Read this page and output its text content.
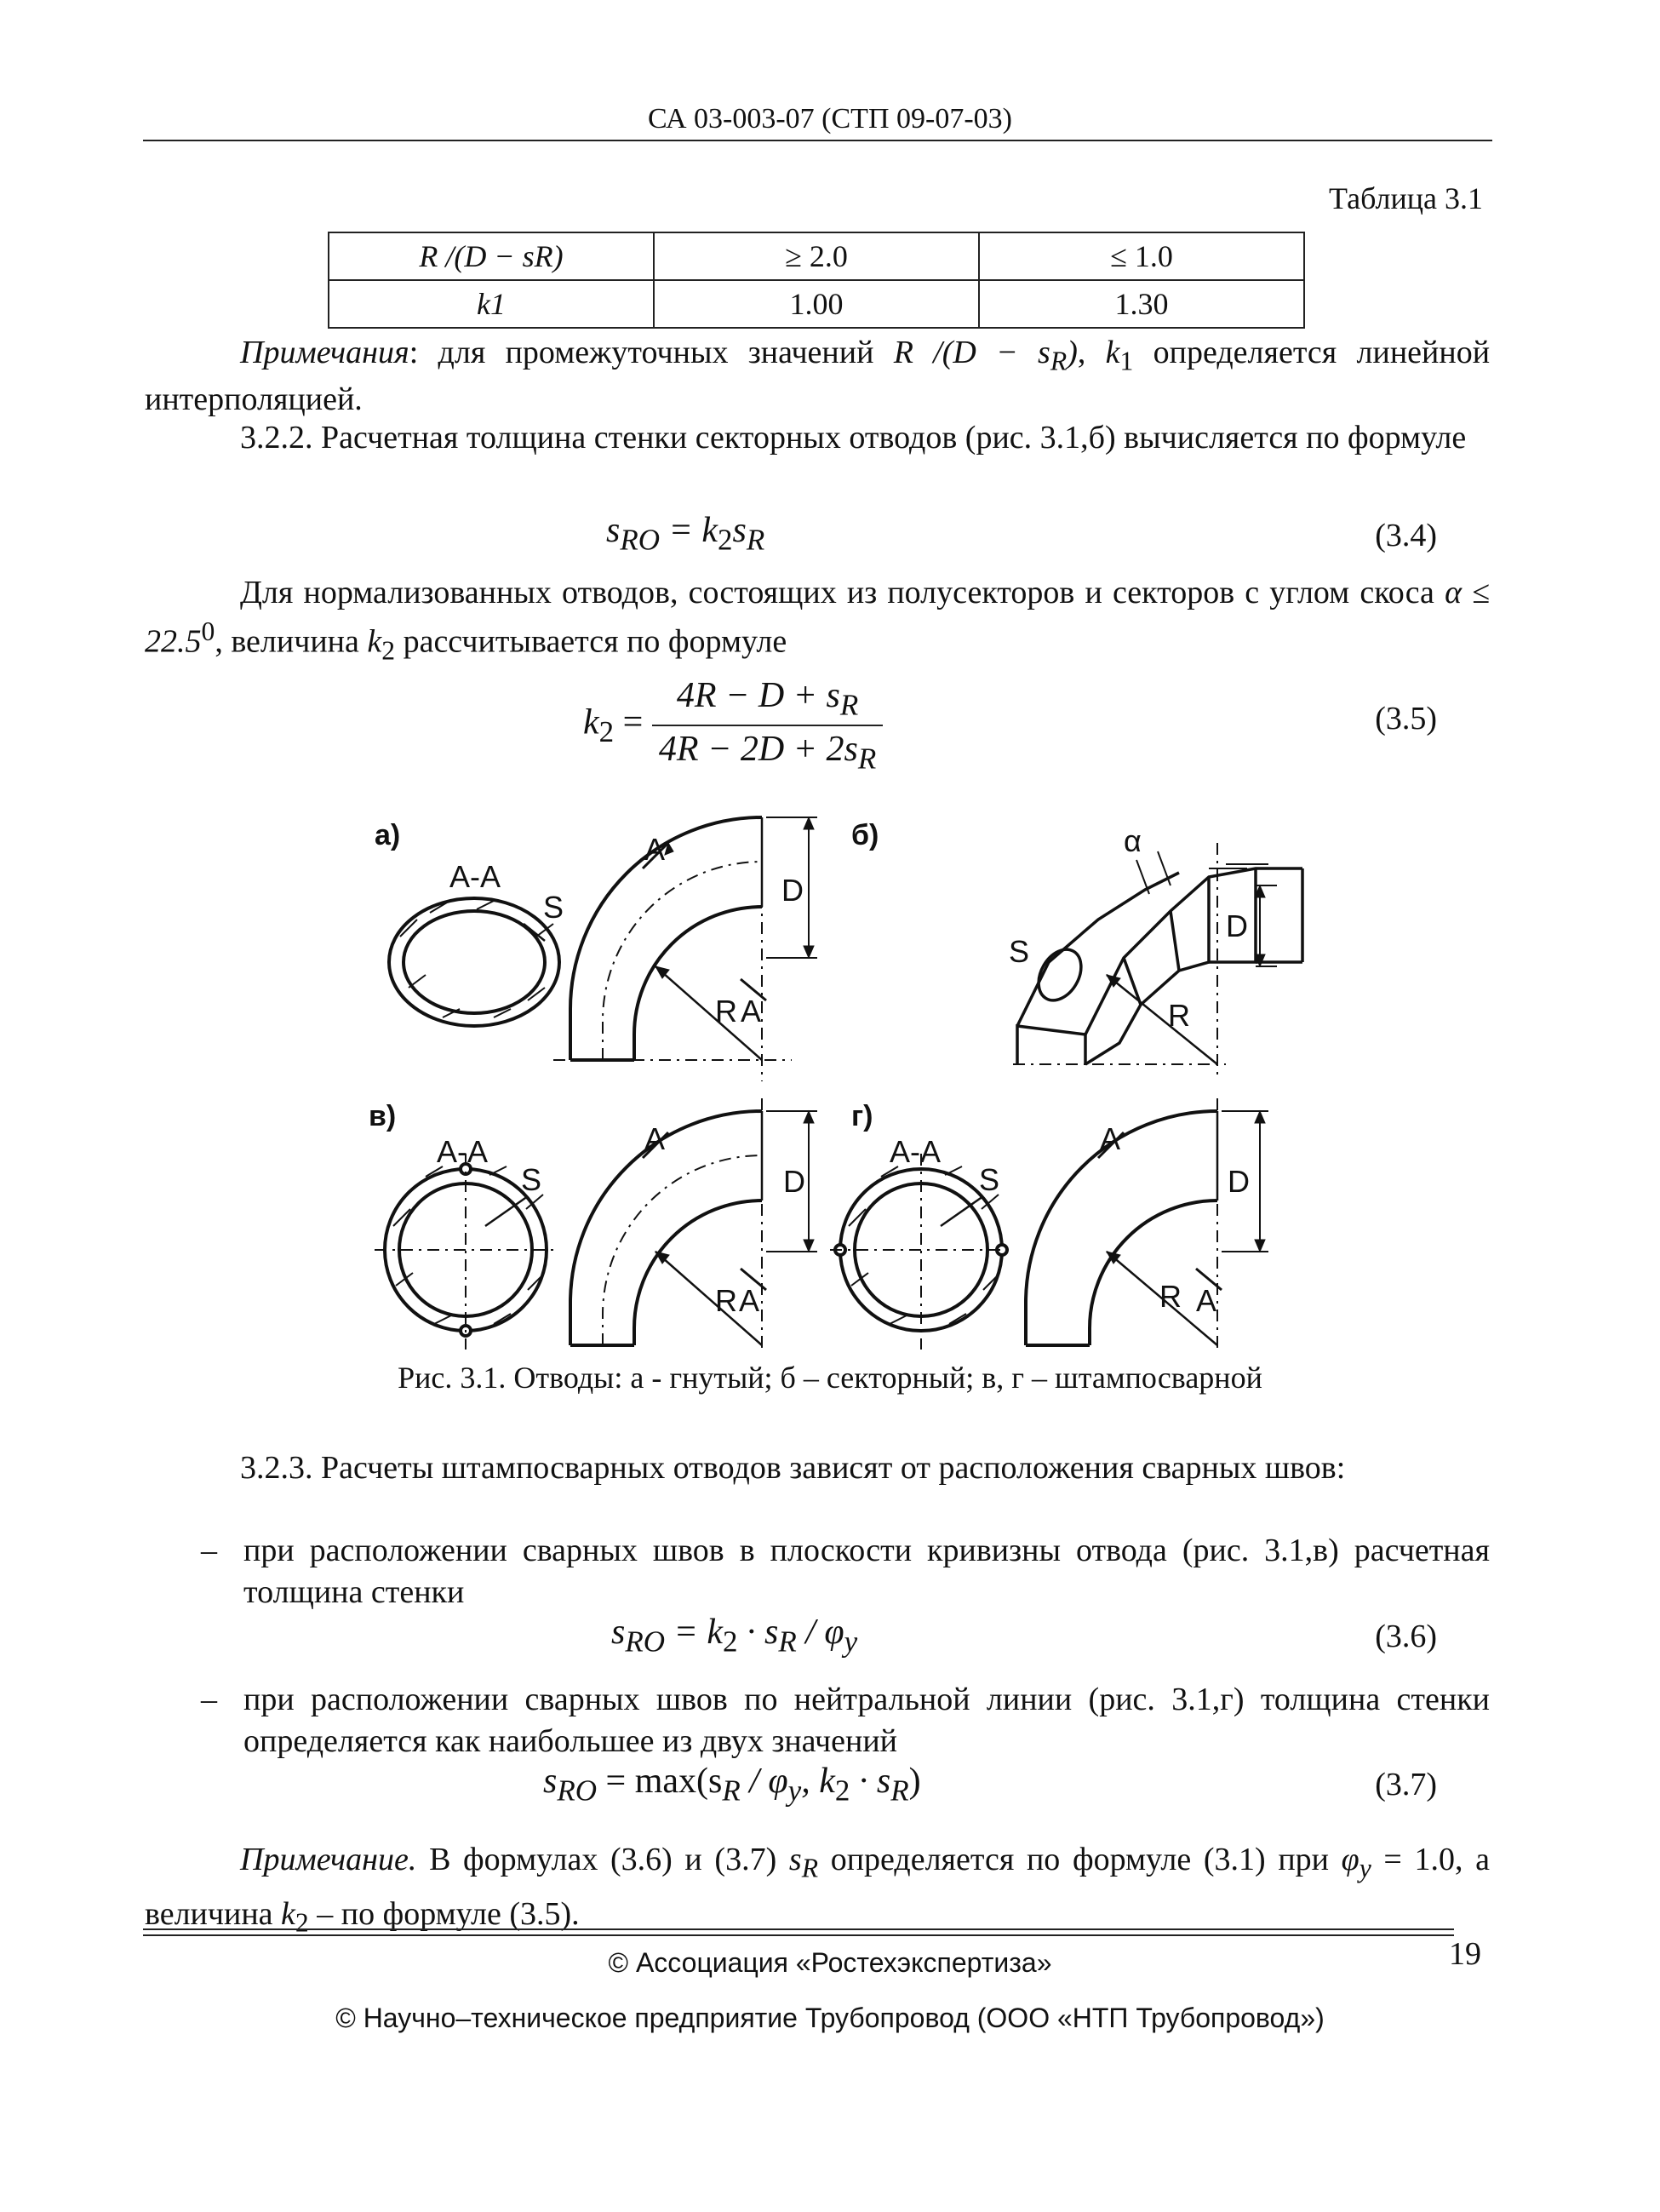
СА 03-003-07 (СТП 09-07-03)
Таблица 3.1
R /(D − sR)	≥ 2.0	≤ 1.0
k1	1.00	1.30
Примечания: для промежуточных значений R $/(D - s_R)$, $k_1$ определяется линейной интерполяцией.
3.2.2. Расчетная толщина стенки секторных отводов (рис. 3.1,б) вычисляется по формуле
$s_{RO} = k_2s_R$	(3.4)
Для нормализованных отводов, состоящих из полусекторов и секторов с углом скоса $\alpha \le 22.5^0$, величина $k_2$ рассчитывается по формуле
$k_2 = \frac{4R - D + s_R}{4R - 2D + 2s_R}$	(3.5)
а)	б)
в)	г)
А-А
S	D
R
A
A
S
D
R
α
А-А
S	D
R
A
A
А-А
S	D
R
A
A
Рис. 3.1. Отводы: а - гнутый; б – секторный; в, г – штампосварной
3.2.3. Расчеты штампосварных отводов зависят от расположения сварных швов:
– при расположении сварных швов в плоскости кривизны отвода (рис. 3.1,в) расчетная толщина стенки
$s_{RO} = k_2 \cdot s_R / \varphi_y$	(3.6)
– при расположении сварных швов по нейтральной линии (рис. 3.1,г) толщина стенки определяется как наибольшее из двух значений
$s_{RO} = \max(s_R / \varphi_y$, $k_2 \cdot s_R$)	(3.7)
Примечание. В формулах (3.6) и (3.7) $s_R$ определяется по формуле (3.1) при $\varphi_y = 1.0$, а величина $k_2$ – по формуле (3.5).
© Ассоциация «Ростехэкспертиза»	19
© Научно–техническое предприятие Трубопровод (ООО «НТП Трубопровод»)
